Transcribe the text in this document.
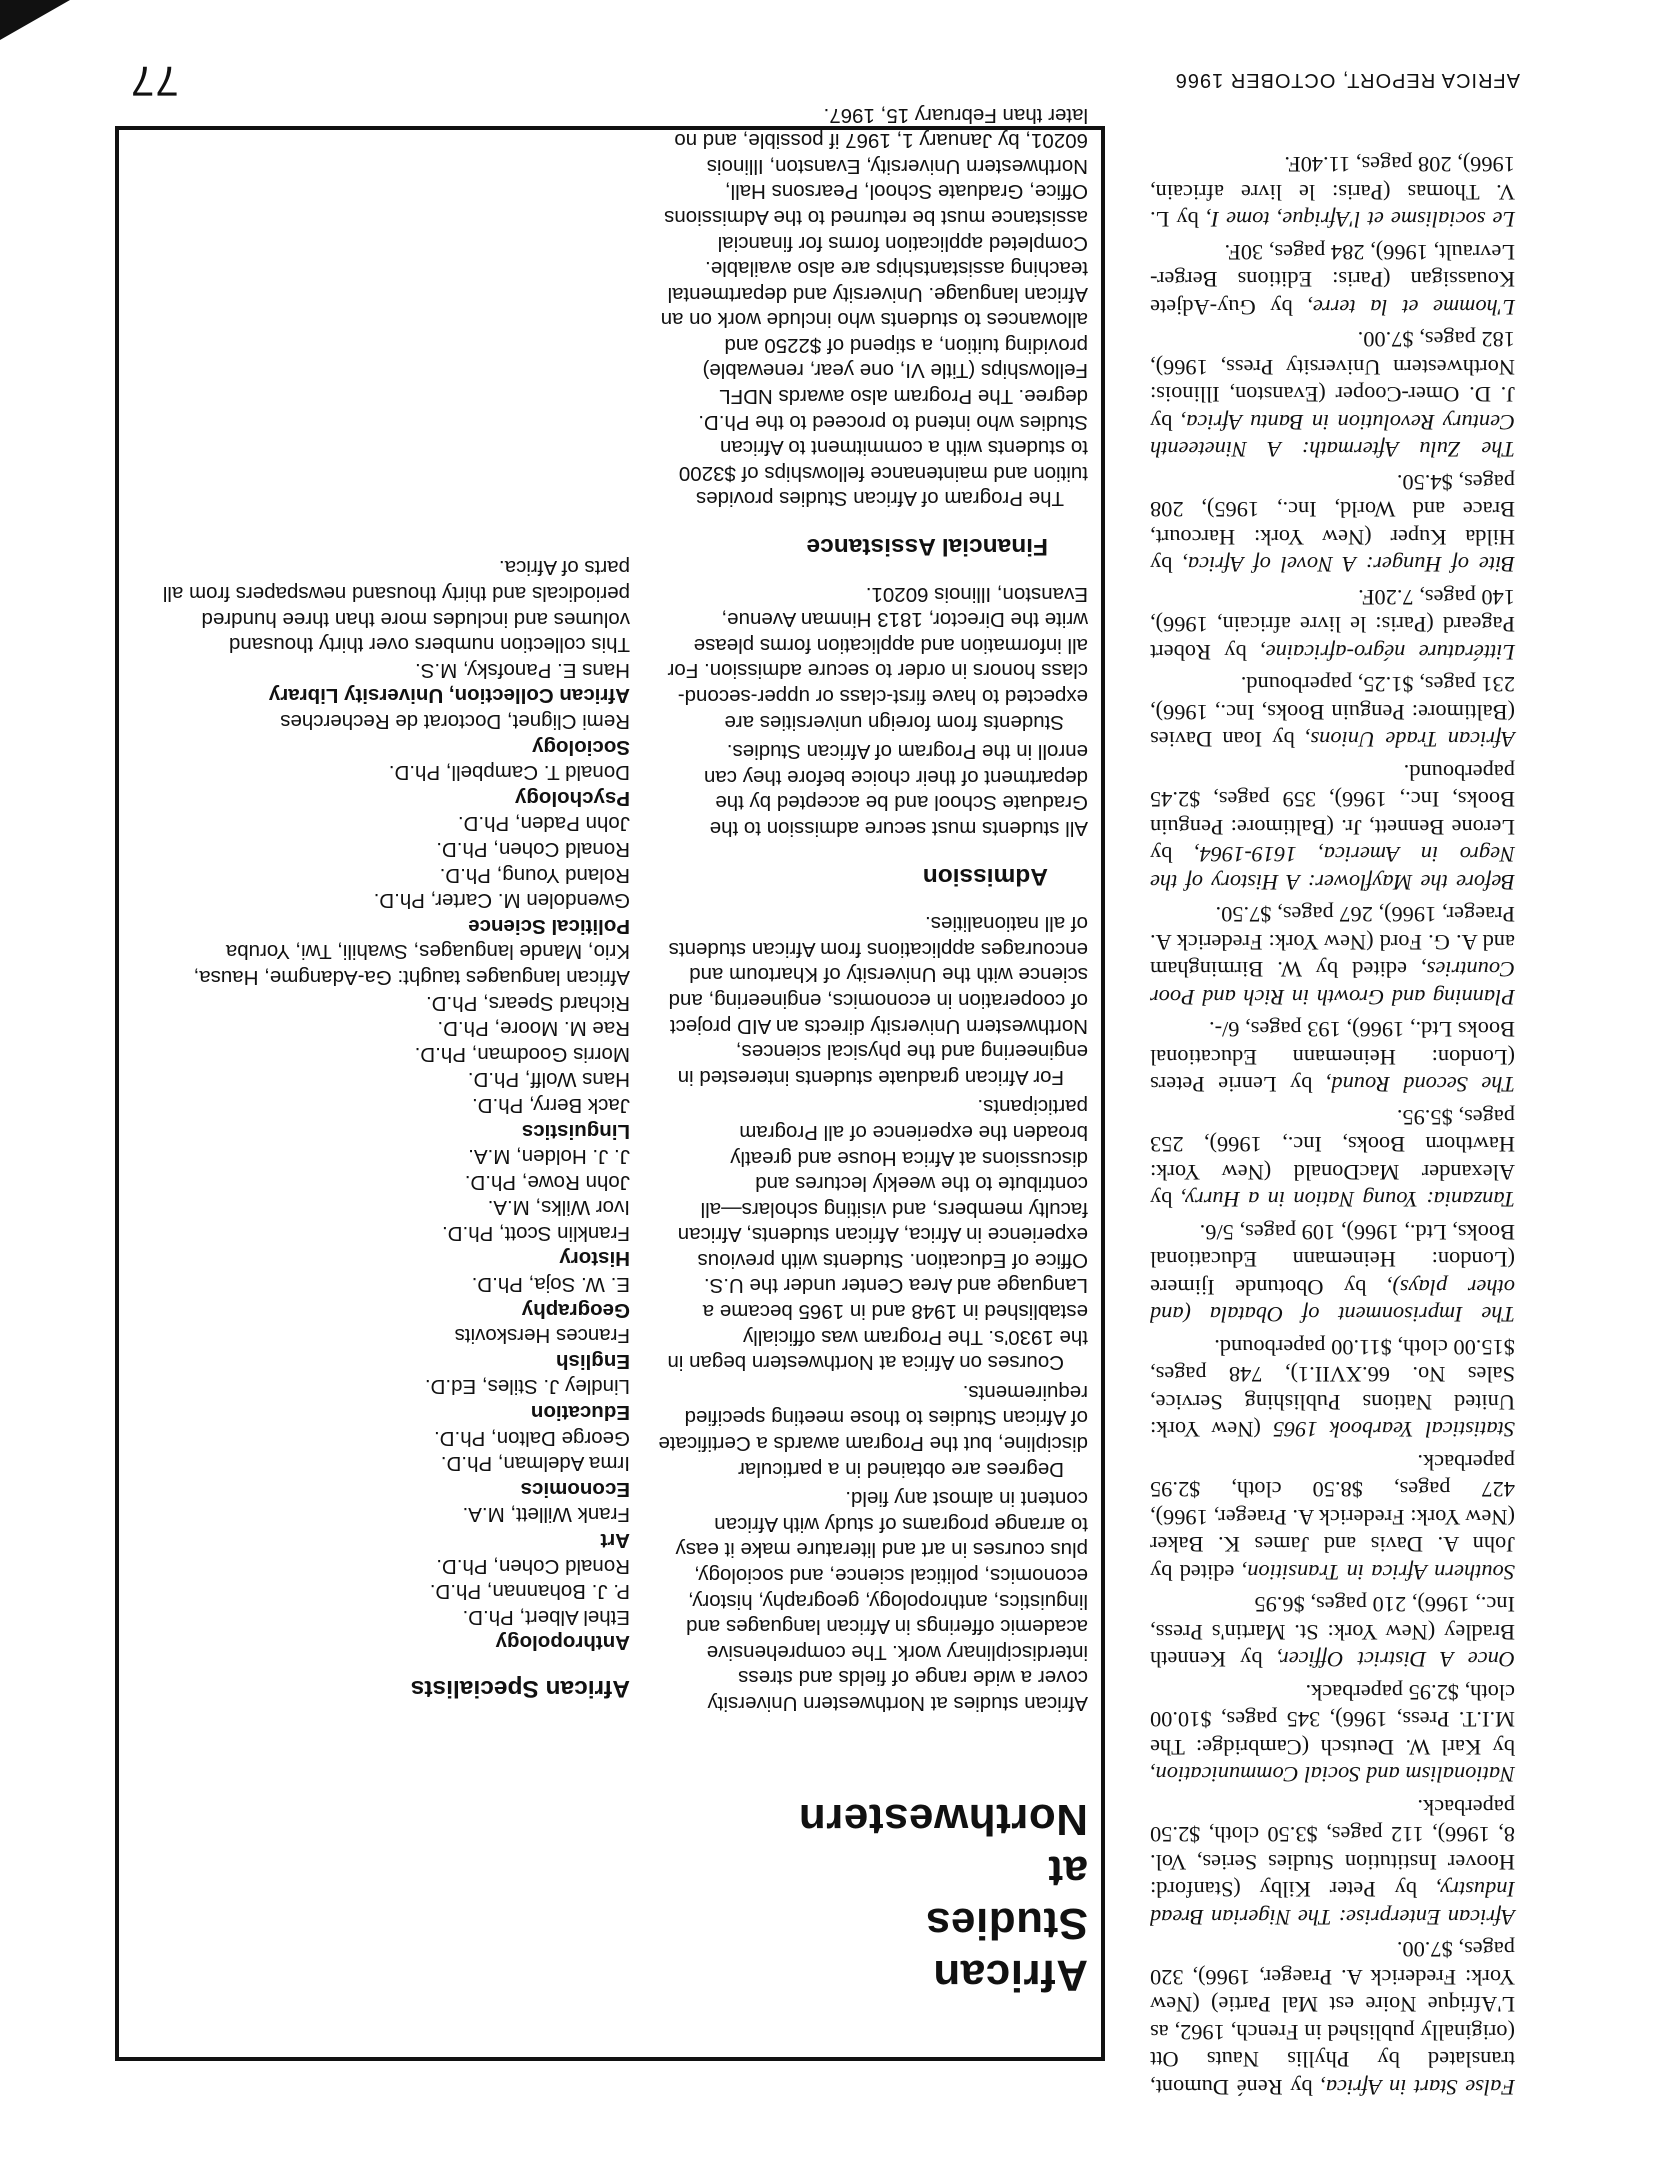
AFRICA REPORT, OCTOBER 1966
77

False Start in Africa, by René Dumont, translated by Phyllis Nauts Ott (originally published in French, 1962, as L'Afrique Noire est Mal Partie) (New York: Frederick A. Praeger, 1966), 320 pages, $7.00.

African Enterprise: The Nigerian Bread Industry, by Peter Kilby (Stanford: Hoover Institution Studies Series, Vol. 8, 1966), 112 pages, $3.50 cloth, $2.50 paperback.

Nationalism and Social Communication, by Karl W. Deutsch (Cambridge: The M.I.T. Press, 1966), 345 pages, $10.00 cloth, $2.95 paperback.

Once A District Officer, by Kenneth Bradley (New York: St. Martin's Press, Inc., 1966), 210 pages, $6.95

Southern Africa in Transition, edited by John A. Davis and James K. Baker (New York: Frederick A. Praeger, 1966), 427 pages, $8.50 cloth, $2.95 paperback.

Statistical Yearbook 1965 (New York: United Nations Publishing Service, Sales No. 66.XVII.1), 748 pages, $15.00 cloth, $11.00 paperbound.

The Imprisonment of Obatala (and other plays), by Obotunde Ijimere (London: Heinemann Educational Books, Ltd., 1966), 109 pages, 5/6.

Tanzania: Young Nation in a Hurry, by Alexander MacDonald (New York: Hawthorn Books, Inc., 1966), 253 pages, $5.95.

The Second Round, by Lenrie Peters (London: Heinemann Educational Books Ltd., 1966), 193 pages, 6/-.

Planning and Growth in Rich and Poor Countries, edited by W. Birmingham and A. G. Ford (New York: Frederick A. Praeger, 1966), 267 pages, $7.50.

Before the Mayflower: A History of the Negro in America, 1619-1964, by Lerone Bennett, Jr. (Baltimore: Penguin Books, Inc., 1966), 359 pages, $2.45 paperbound.

African Trade Unions, by Ioan Davies (Baltimore: Penguin Books, Inc., 1966), 231 pages, $1.25, paperbound.

Littérature négro-africaine, by Robert Pageard (Paris: le livre africain, 1966), 140 pages, 7.20F.

Bite of Hunger: A Novel of Africa, by Hilda Kuper (New York: Harcourt, Brace and World, Inc., 1965), 208 pages, $4.50.

The Zulu Aftermath: A Nineteenth Century Revolution in Bantu Africa, by J. D. Omer-Cooper (Evanston, Illinois: Northwestern University Press, 1966), 182 pages, $7.00.

L'homme et la terre, by Guy-Adjete Kouassigan (Paris: Editions Berger-Levrault, 1966), 284 pages, 30F.

Le socialisme et l'Afrique, tome I, by L. V. Thomas (Paris: le livre africain, 1966), 208 pages, 11.40F.

African Studies
at Northwestern

African studies at Northwestern University cover a wide range of fields and stress interdisciplinary work. The comprehensive academic offerings in African languages and linguistics, anthropology, geography, history, economics, political science, and sociology, plus courses in art and literature make it easy to arrange programs of study with African content in almost any field.

Degrees are obtained in a particular discipline, but the Program awards a Certificate of African Studies to those meeting specified requirements.

Courses on Africa at Northwestern began in the 1930's. The Program was officially established in 1948 and in 1965 became a Language and Area Center under the U.S. Office of Education. Students with previous experience in Africa, African students, African faculty members, and visiting scholars—all contribute to the weekly lectures and discussions at Africa House and greatly broaden the experience of all Program participants.

For African graduate students interested in engineering and the physical sciences, Northwestern University directs an AID project of cooperation in economics, engineering, and science with the University of Khartoum and encourages applications from African students of all nationalities.

Admission

All students must secure admission to the Graduate School and be accepted by the department of their choice before they can enroll in the Program of African Studies.

Students from foreign universities are expected to have first-class or upper-second-class honors in order to secure admission. For all information and application forms please write the Director, 1813 Hinman Avenue, Evanston, Illinois 60201.

Financial Assistance

The Program of African Studies provides tuition and maintenance fellowships of $3200 to students with a commitment to African Studies who intend to proceed to the Ph.D. degree. The Program also awards NDFL Fellowships (Title VI, one year, renewable) providing tuition, a stipend of $2250 and allowances to students who include work on an African language. University and departmental teaching assistantships are also available. Completed application forms for financial assistance must be returned to the Admissions Office, Graduate School, Pearsons Hall, Northwestern University, Evanston, Illinois 60201, by January 1, 1967 if possible, and no later than February 15, 1967.

African Specialists
Anthropology
Ethel Albert, Ph.D.
P. J. Bohannan, Ph.D.
Ronald Cohen, Ph.D.
Art
Frank Willett, M.A.
Economics
Irma Adelman, Ph.D.
George Dalton, Ph.D.
Education
Lindley J. Stiles, Ed.D.
English
Frances Herskovits
Geography
E. W. Soja, Ph.D.
History
Franklin Scott, Ph.D.
Ivor Wilks, M.A.
John Rowe, Ph.D.
J. J. Holden, M.A.
Linguistics
Jack Berry, Ph.D.
Hans Wolff, Ph.D.
Morris Goodman, Ph.D.
Rae M. Moore, Ph.D.
Richard Spears, Ph.D.
African languages taught: Ga-Adangme, Hausa, Krio, Mande languages, Swahili, Twi, Yoruba
Political Science
Gwendolen M. Carter, Ph.D.
Roland Young, Ph.D.
Ronald Cohen, Ph.D.
John Paden, Ph.D.
Psychology
Donald T. Campbell, Ph.D.
Sociology
Remi Clignet, Doctorat de Recherches
African Collection, University Library
Hans E. Panofsky, M.S.
This collection numbers over thirty thousand volumes and includes more than three hundred periodicals and thirty thousand newspapers from all parts of Africa.
